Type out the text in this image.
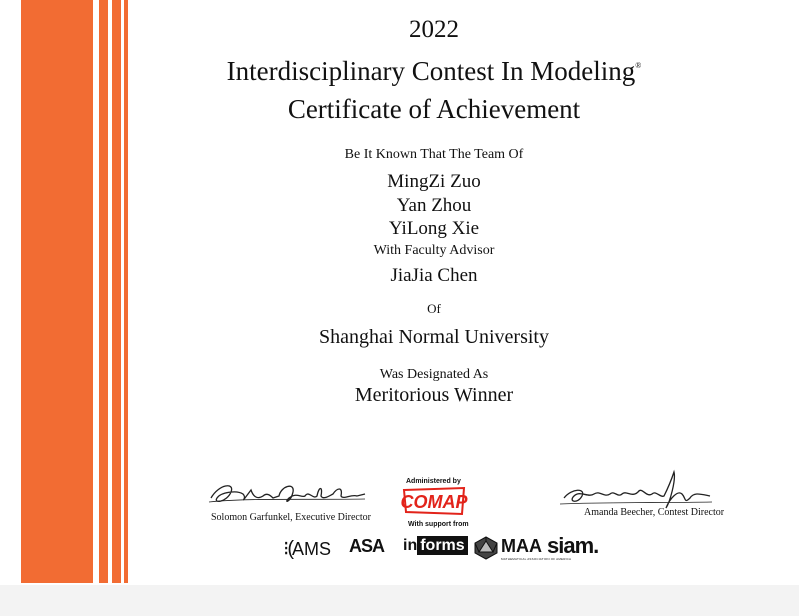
2022
Interdisciplinary Contest In Modeling®
Certificate of Achievement
Be It Known That The Team Of
MingZi Zuo
Yan Zhou
YiLong Xie
With Faculty Advisor
JiaJia Chen
Of
Shanghai Normal University
Was Designated As
Meritorious Winner
Solomon Garfunkel, Executive Director	Amanda Beecher, Contest Director
Administered by
COMAP
With support from
⁝(AMS ASA in forms MAA
MATHEMATICAL ASSOCIATION OF AMERICA
siam.
